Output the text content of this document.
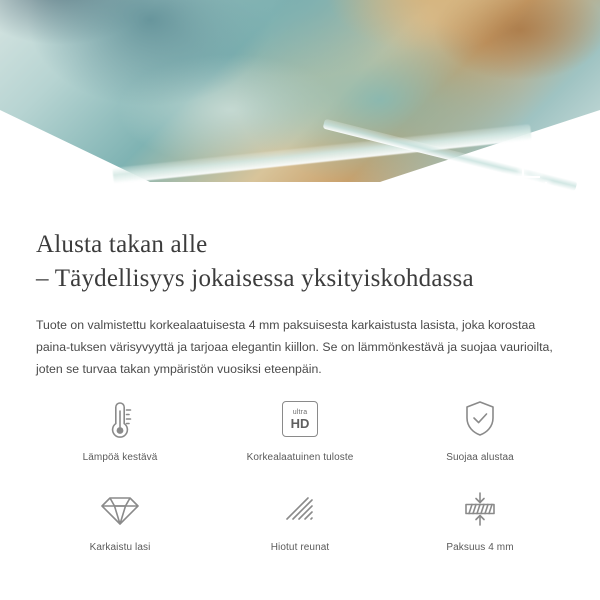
Alusta takan alle
– Täydellisyys jokaisessa yksityiskohdassa

Tuote on valmistettu korkealaatuisesta 4 mm paksuisesta karkaistusta lasista, joka korostaa paina-tuksen värisyvyyttä ja tarjoaa elegantin kiillon. Se on lämmönkestävä ja suojaa vaurioilta, joten se turvaa takan ympäristön vuosiksi eteenpäin.

Lämpöä kestävä
ultra
HD
Korkealaatuinen tuloste	Suojaa alustaa
Karkaistu lasi	Hiotut reunat	Paksuus 4 mm
